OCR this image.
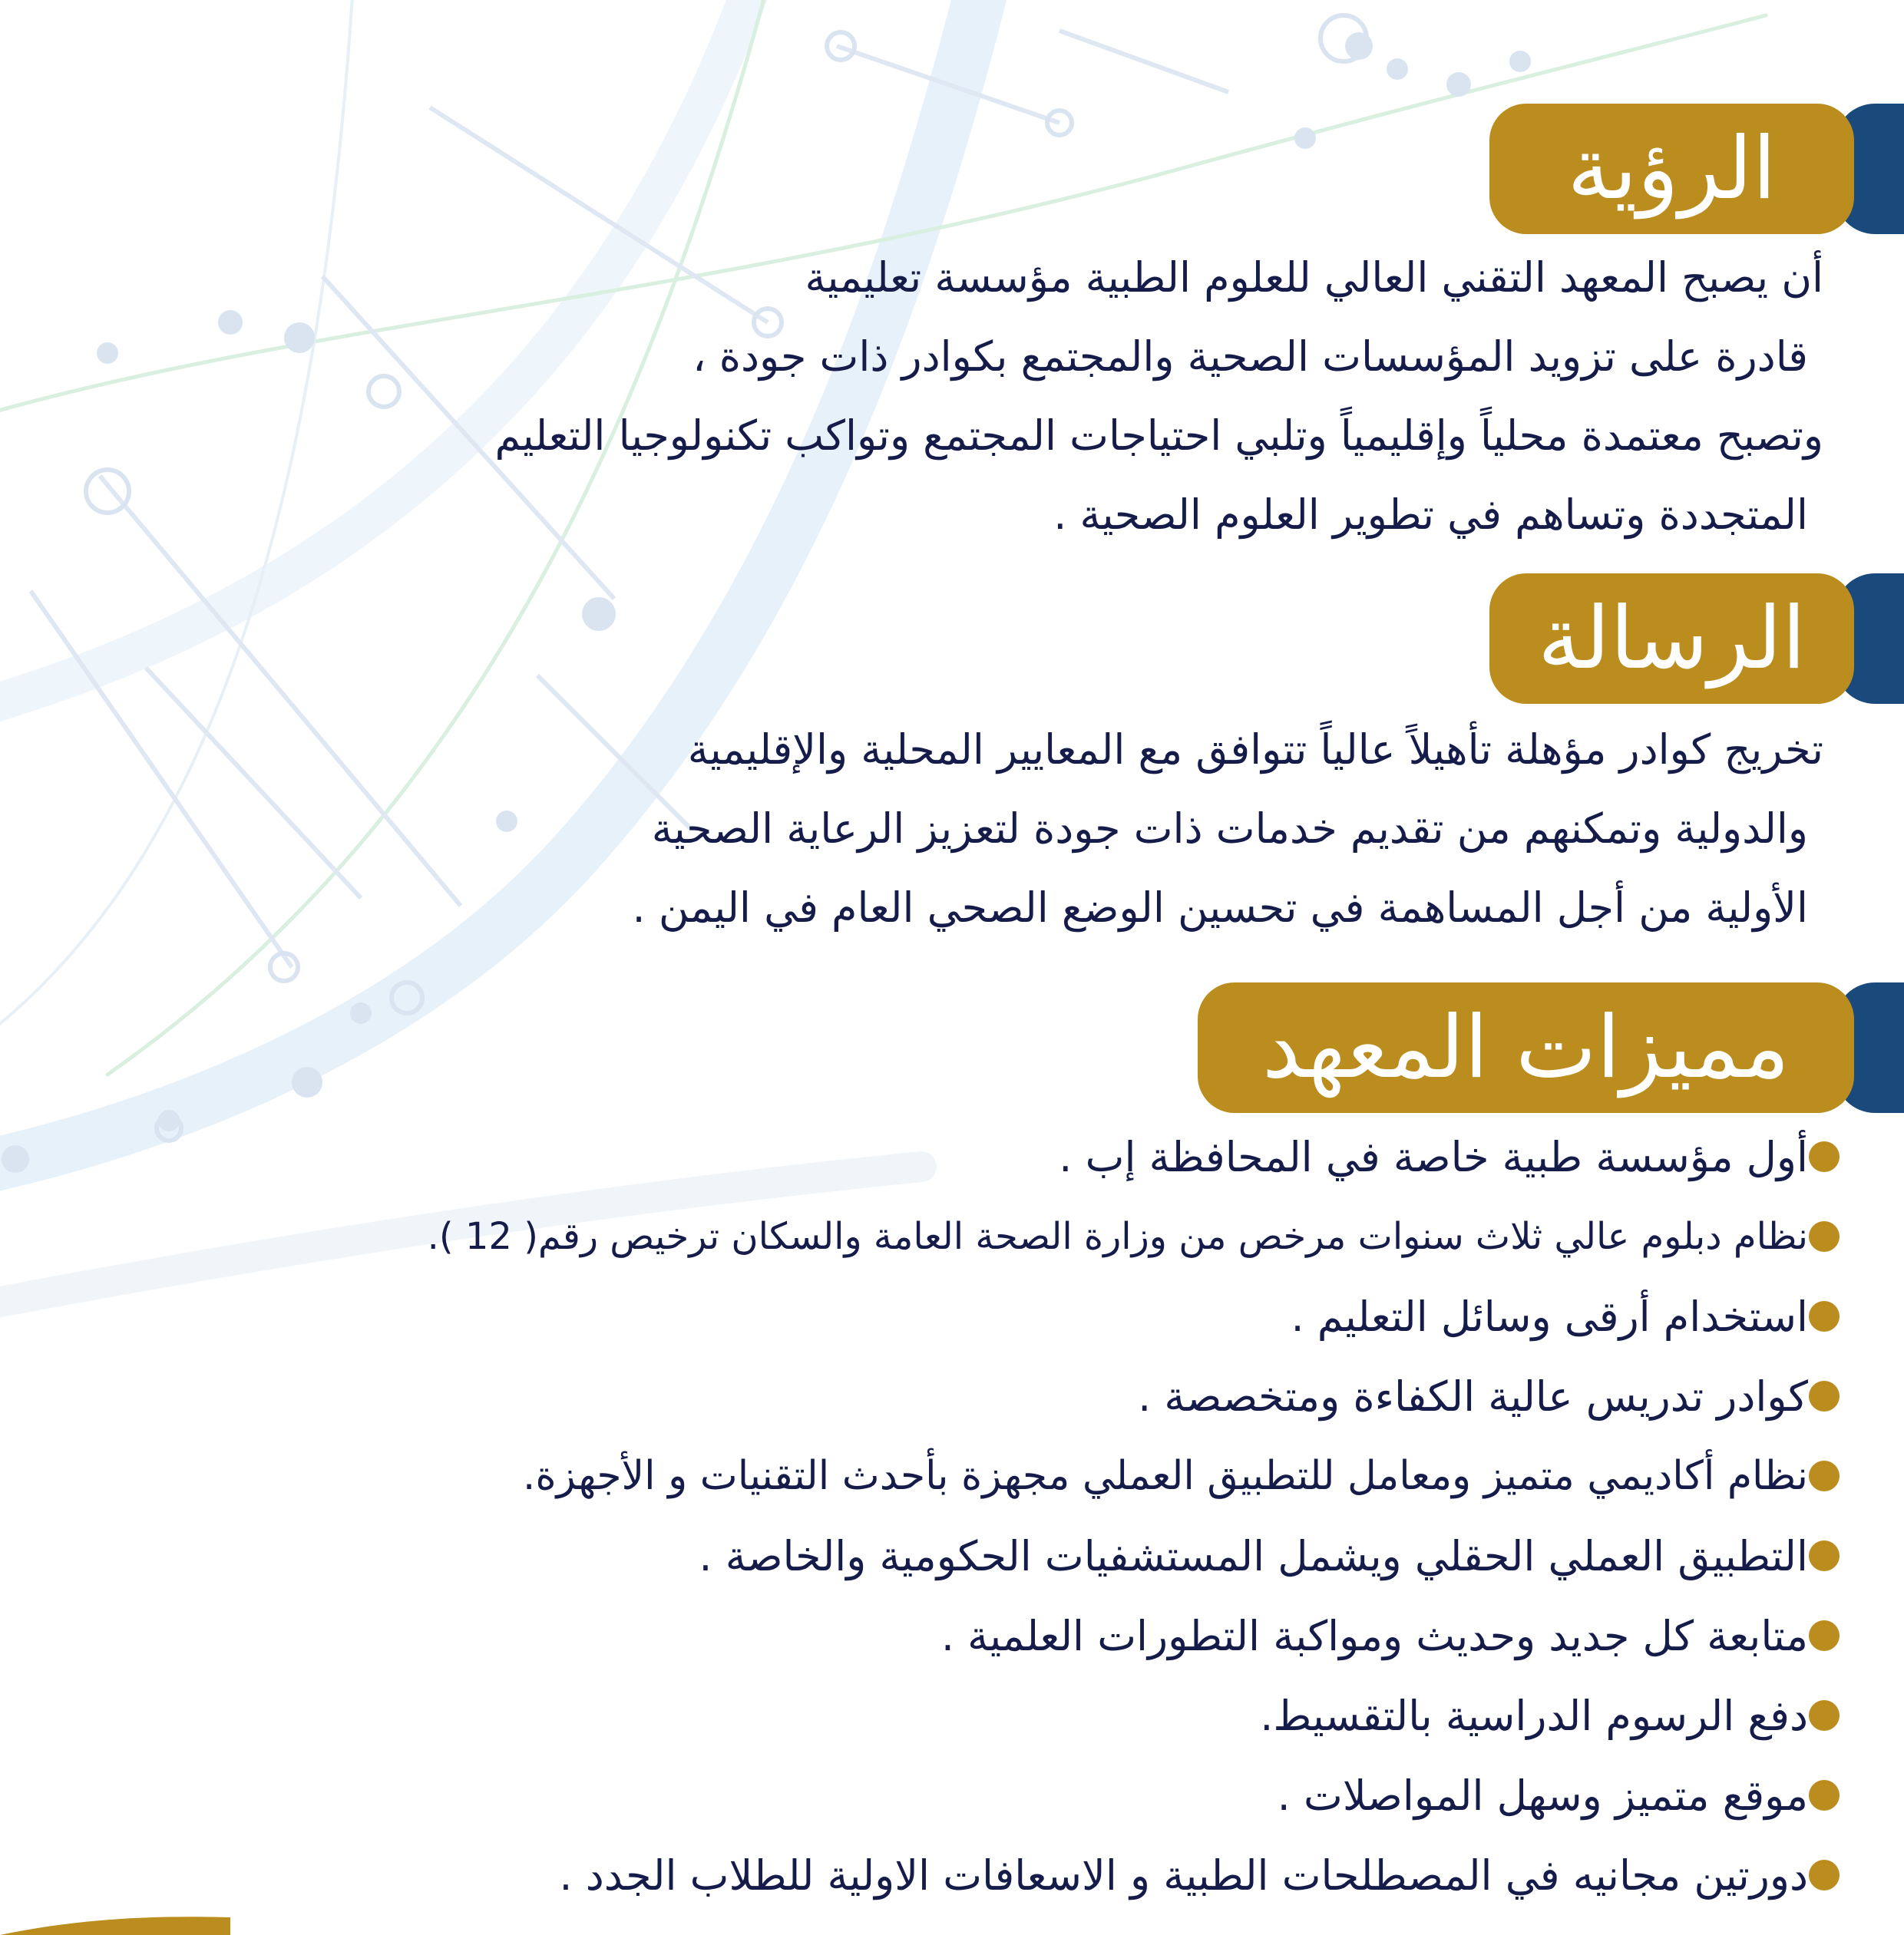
الرؤية

أن يصبح المعهد التقني العالي للعلوم الطبية مؤسسة تعليمية
قادرة على تزويد المؤسسات الصحية والمجتمع بكوادر ذات جودة ،
وتصبح معتمدة محلياً وإقليمياً وتلبي احتياجات المجتمع وتواكب تكنولوجيا التعليم
المتجددة وتساهم في تطوير العلوم الصحية .

الرسالة

تخريج كوادر مؤهلة تأهيلاً عالياً تتوافق مع المعايير المحلية والإقليمية
والدولية وتمكنهم من تقديم خدمات ذات جودة لتعزيز الرعاية الصحية
الأولية من أجل المساهمة في تحسين الوضع الصحي العام في اليمن .

مميزات المعهد
أول مؤسسة طبية خاصة في المحافظة إب .
نظام دبلوم عالي ثلاث سنوات مرخص من وزارة الصحة العامة والسكان ترخيص رقم( 12 ).
استخدام أرقى وسائل التعليم .
كوادر تدريس عالية الكفاءة ومتخصصة .
نظام أكاديمي متميز ومعامل للتطبيق العملي مجهزة بأحدث التقنيات و الأجهزة.
التطبيق العملي الحقلي ويشمل المستشفيات الحكومية والخاصة .
متابعة كل جديد وحديث ومواكبة التطورات العلمية .
دفع الرسوم الدراسية بالتقسيط.
موقع متميز وسهل المواصلات .
دورتين مجانيه في المصطلحات الطبية و الاسعافات الاولية للطلاب الجدد .
